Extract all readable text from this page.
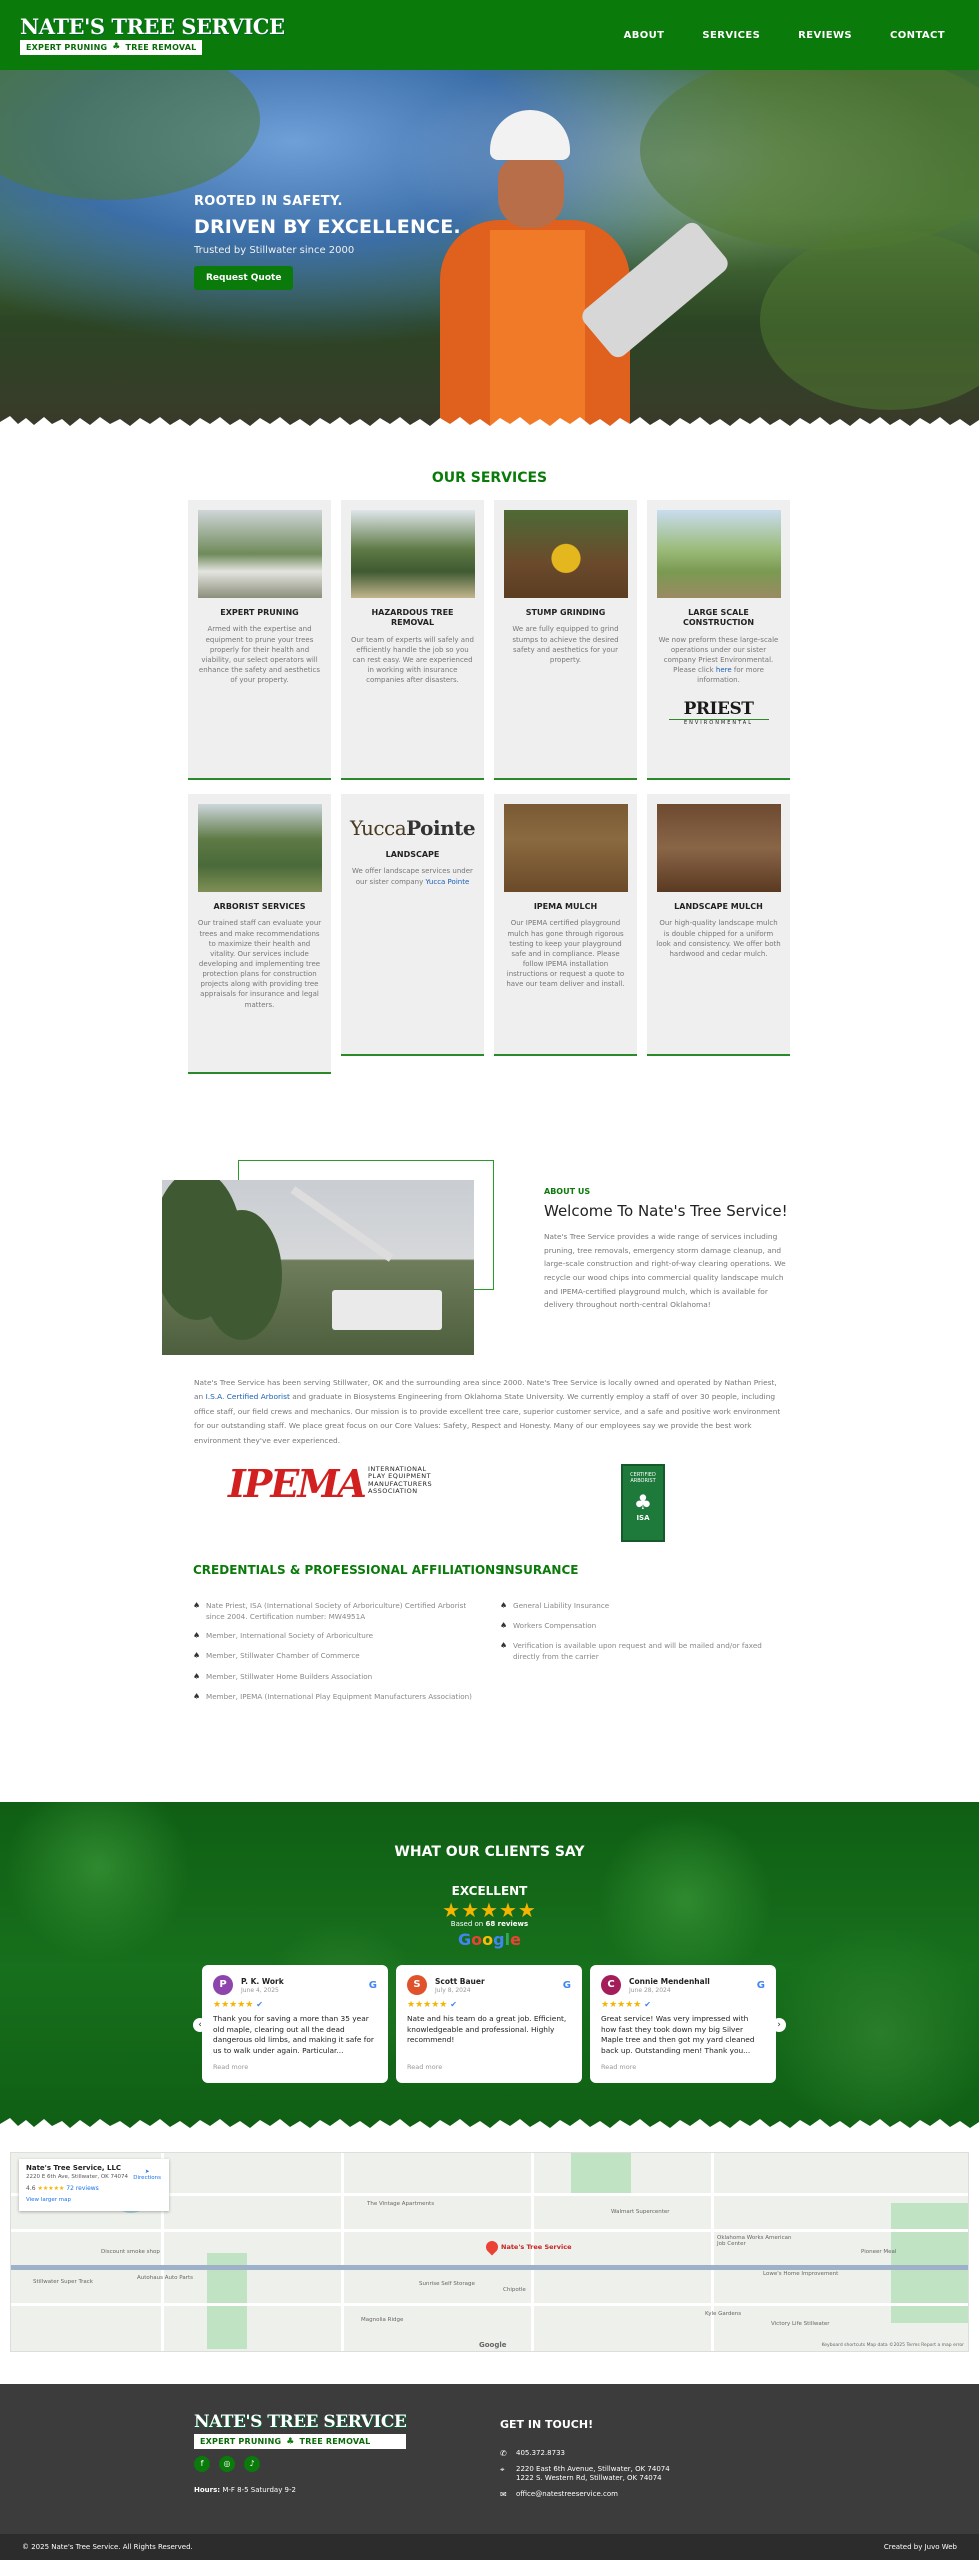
NATE'S TREE SERVICE
EXPERT PRUNING ♣ TREE REMOVAL
ABOUT	SERVICES	REVIEWS	CONTACT
ROOTED IN SAFETY.
DRIVEN BY EXCELLENCE.
Trusted by Stillwater since 2000
Request Quote
OUR SERVICES
EXPERT PRUNING
Armed with the expertise and equipment to prune your trees properly for their health and viability, our select operators will enhance the safety and aesthetics of your property.
HAZARDOUS TREE REMOVAL
Our team of experts will safely and efficiently handle the job so you can rest easy. We are experienced in working with insurance companies after disasters.
STUMP GRINDING
We are fully equipped to grind stumps to achieve the desired safety and aesthetics for your property.
LARGE SCALE CONSTRUCTION
We now preform these large-scale operations under our sister company Priest Environmental. Please click here for more information.
PRIEST
ENVIRONMENTAL
ARBORIST SERVICES
Our trained staff can evaluate your trees and make recommendations to maximize their health and vitality. Our services include developing and implementing tree protection plans for construction projects along with providing tree appraisals for insurance and legal matters.
YuccaPointe
LANDSCAPE
We offer landscape services under our sister company Yucca Pointe
IPEMA MULCH
Our IPEMA certified playground mulch has gone through rigorous testing to keep your playground safe and in compliance. Please follow IPEMA installation instructions or request a quote to have our team deliver and install.
LANDSCAPE MULCH
Our high-quality landscape mulch is double chipped for a uniform look and consistency. We offer both hardwood and cedar mulch.
ABOUT US
Welcome To Nate's Tree Service!
Nate's Tree Service provides a wide range of services including pruning, tree removals, emergency storm damage cleanup, and large-scale construction and right-of-way clearing operations. We recycle our wood chips into commercial quality landscape mulch and IPEMA-certified playground mulch, which is available for delivery throughout north-central Oklahoma!
Nate's Tree Service has been serving Stillwater, OK and the surrounding area since 2000. Nate's Tree Service is locally owned and operated by Nathan Priest, an I.S.A. Certified Arborist and graduate in Biosystems Engineering from Oklahoma State University. We currently employ a staff of over 30 people, including office staff, our field crews and mechanics. Our mission is to provide excellent tree care, superior customer service, and a safe and positive work environment for our outstanding staff. We place great focus on our Core Values: Safety, Respect and Honesty. Many of our employees say we provide the best work environment they've ever experienced.
IPEMA INTERNATIONAL
PLAY EQUIPMENT
MANUFACTURERS
ASSOCIATION
CERTIFIED ARBORIST
♣
ISA
CREDENTIALS & PROFESSIONAL AFFILIATIONS
♠ Nate Priest, ISA (International Society of Arboriculture) Certified Arborist since 2004. Certification number: MW4951A
♠ Member, International Society of Arboriculture
♠ Member, Stillwater Chamber of Commerce
♠ Member, Stillwater Home Builders Association
♠ Member, IPEMA (International Play Equipment Manufacturers Association)
INSURANCE
♠ General Liability Insurance
♠ Workers Compensation
♠ Verification is available upon request and will be mailed and/or faxed directly from the carrier
WHAT OUR CLIENTS SAY
EXCELLENT
★★★★★
Based on 68 reviews
Google
‹	›
P	P. K. Work
June 4, 2025	G
★★★★★ ✔
Thank you for saving a more than 35 year old maple, clearing out all the dead dangerous old limbs, and making it safe for us to walk under again. Particular...
Read more
S	Scott Bauer
July 8, 2024	G
★★★★★ ✔
Nate and his team do a great job. Efficient, knowledgeable and professional. Highly recommend!
Read more
C	Connie Mendenhall
June 28, 2024	G
★★★★★ ✔
Great service! Was very impressed with how fast they took down my big Silver Maple tree and then got my yard cleaned back up. Outstanding men! Thank you...
Read more
The Vintage Apartments
Walmart Supercenter
Stillwater Super Track
Autohaus Auto Parts
Discount smoke shop
Magnolia Ridge
Sunrise Self Storage
Oklahoma Works American Job Center
Victory Life Stillwater
Pioneer Meal
Lowe's Home Improvement
Chipotle
Kyle Gardens
Nate's Tree Service
Nate's Tree Service, LLC
2220 E 6th Ave, Stillwater, OK 74074
4.6 ★★★★★ 72 reviews
View larger map
➤
Directions
Google	Keyboard shortcuts Map data ©2025 Terms Report a map error
NATE'S TREE SERVICE
EXPERT PRUNING ♣ TREE REMOVAL
f	◎	♪
Hours: M-F 8-5 Saturday 9-2
GET IN TOUCH!
✆	405.372.8733
⌖	2220 East 6th Avenue, Stillwater, OK 74074
1222 S. Western Rd, Stillwater, OK 74074
✉	office@natestreeservice.com
© 2025 Nate's Tree Service. All Rights Reserved.	Created by Juvo Web
